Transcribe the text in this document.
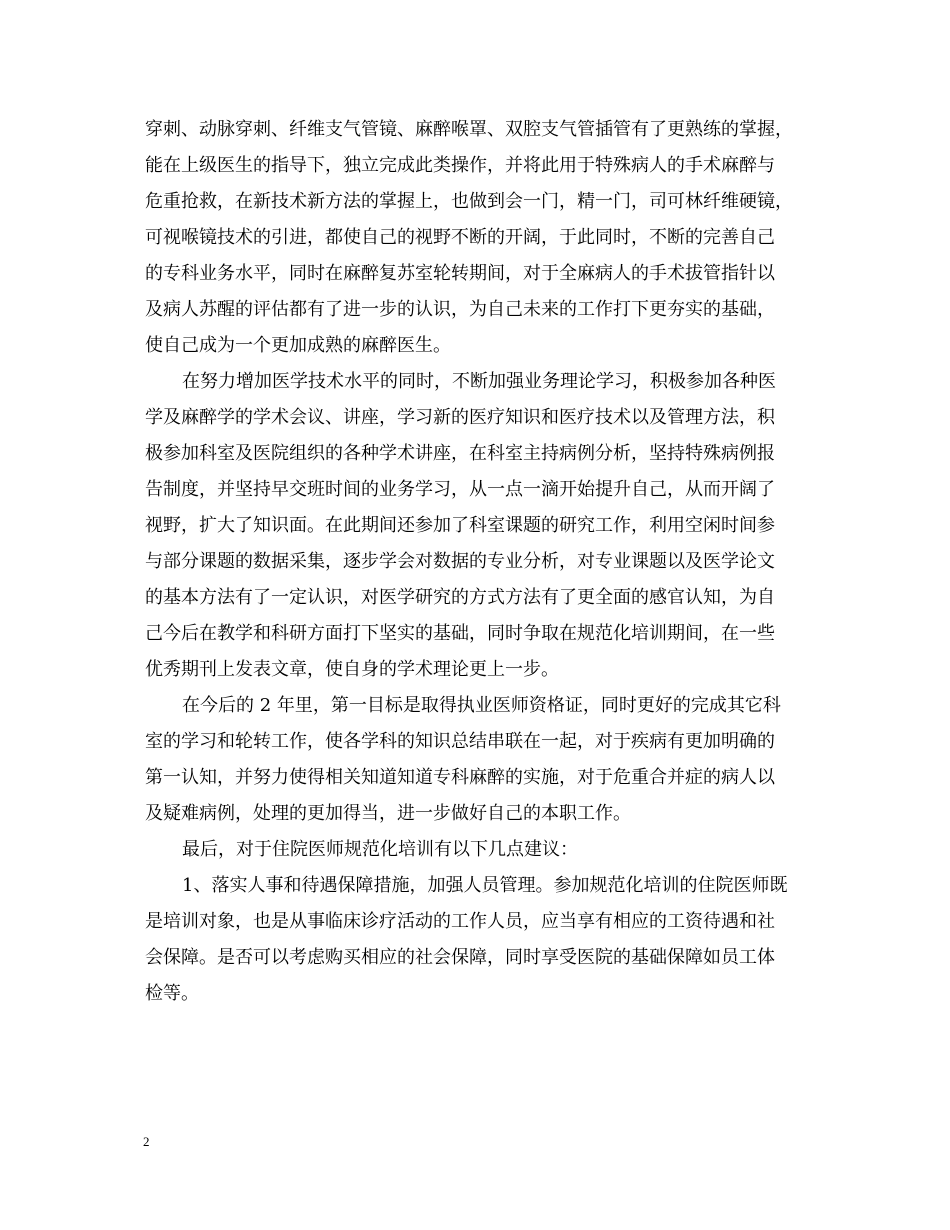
穿刺、动脉穿刺、纤维支气管镜、麻醉喉罩、双腔支气管插管有了更熟练的掌握，
能在上级医生的指导下，独立完成此类操作，并将此用于特殊病人的手术麻醉与
危重抢救，在新技术新方法的掌握上，也做到会一门，精一门，司可林纤维硬镜，
可视喉镜技术的引进，都使自己的视野不断的开阔，于此同时，不断的完善自己
的专科业务水平，同时在麻醉复苏室轮转期间，对于全麻病人的手术拔管指针以
及病人苏醒的评估都有了进一步的认识，为自己未来的工作打下更夯实的基础，
使自己成为一个更加成熟的麻醉医生。
在努力增加医学技术水平的同时，不断加强业务理论学习，积极参加各种医
学及麻醉学的学术会议、讲座，学习新的医疗知识和医疗技术以及管理方法，积
极参加科室及医院组织的各种学术讲座，在科室主持病例分析，坚持特殊病例报
告制度，并坚持早交班时间的业务学习，从一点一滴开始提升自己，从而开阔了
视野，扩大了知识面。在此期间还参加了科室课题的研究工作，利用空闲时间参
与部分课题的数据采集，逐步学会对数据的专业分析，对专业课题以及医学论文
的基本方法有了一定认识，对医学研究的方式方法有了更全面的感官认知，为自
己今后在教学和科研方面打下坚实的基础，同时争取在规范化培训期间，在一些
优秀期刊上发表文章，使自身的学术理论更上一步。
在今后的 2 年里，第一目标是取得执业医师资格证，同时更好的完成其它科
室的学习和轮转工作，使各学科的知识总结串联在一起，对于疾病有更加明确的
第一认知，并努力使得相关知道知道专科麻醉的实施，对于危重合并症的病人以
及疑难病例，处理的更加得当，进一步做好自己的本职工作。
最后，对于住院医师规范化培训有以下几点建议：
1、落实人事和待遇保障措施，加强人员管理。参加规范化培训的住院医师既
是培训对象，也是从事临床诊疗活动的工作人员，应当享有相应的工资待遇和社
会保障。是否可以考虑购买相应的社会保障，同时享受医院的基础保障如员工体
检等。
2
